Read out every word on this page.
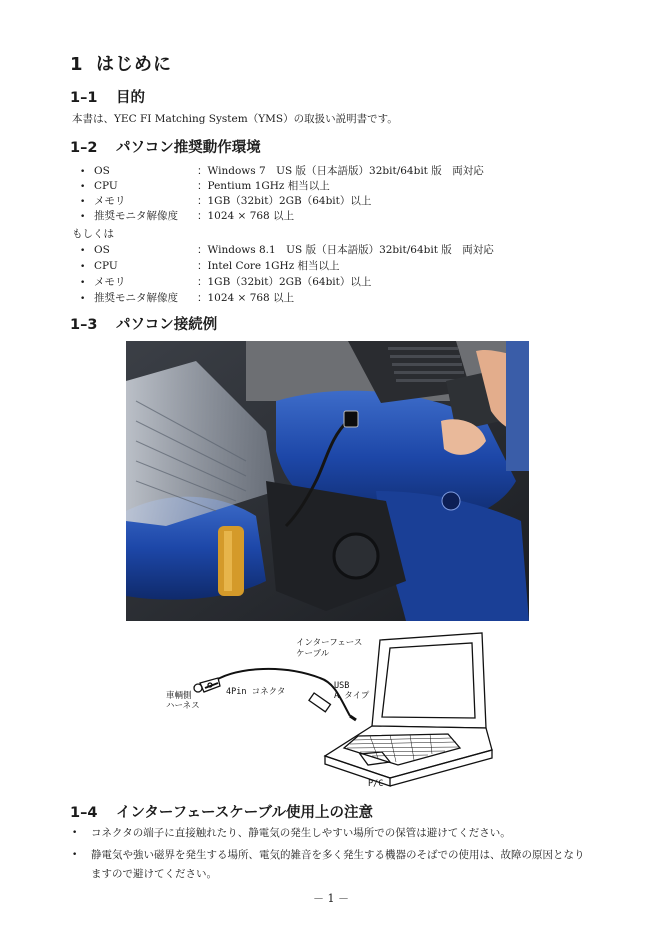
1 はじめに
1–1 目的
本書は、YEC FI Matching System（YMS）の取扱い説明書です。
1–2 パソコン推奨動作環境
• OS	：Windows 7　US 版（日本語版）32bit/64bit 版　両対応
• CPU	：Pentium 1GHz 相当以上
• メモリ	：1GB（32bit）2GB（64bit）以上
• 推奨モニタ解像度 ：1024 × 768 以上
もしくは
• OS	：Windows 8.1　US 版（日本語版）32bit/64bit 版　両対応
• CPU	：Intel Core 1GHz 相当以上
• メモリ	：1GB（32bit）2GB（64bit）以上
• 推奨モニタ解像度 ：1024 × 768 以上
1–3 パソコン接続例
インターフェース
ケーブル
車輌側
ハーネス
4Pin コネクタ
USB
A タイプ
P/C
1–4 インターフェースケーブル使用上の注意
• コネクタの端子に直接触れたり、静電気の発生しやすい場所での保管は避けてください。
• 静電気や強い磁界を発生する場所、電気的雑音を多く発生する機器のそばでの使用は、故障の原因となりますので避けてください。
－ 1 －
